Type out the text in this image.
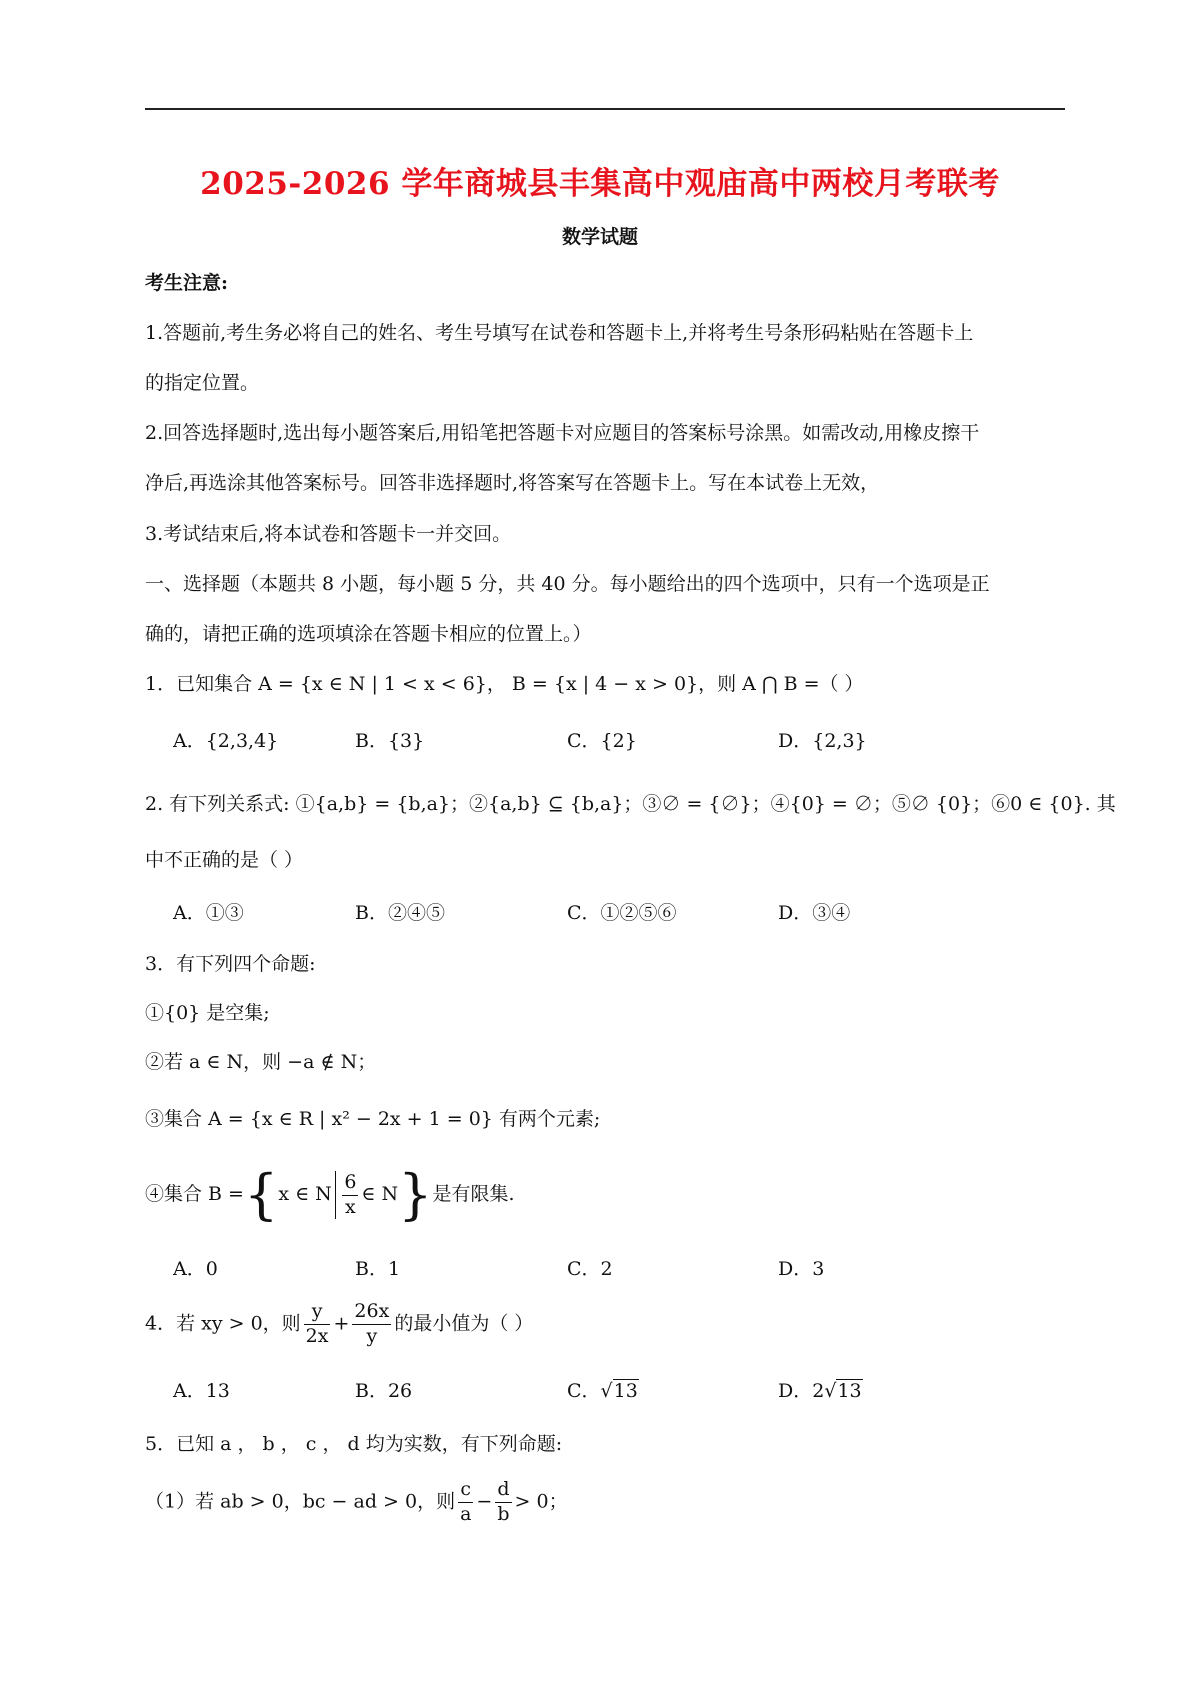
2025-2026 学年商城县丰集高中观庙高中两校月考联考
数学试题
考生注意:
1.答题前,考生务必将自己的姓名、考生号填写在试卷和答题卡上,并将考生号条形码粘贴在答题卡上
的指定位置。
2.回答选择题时,选出每小题答案后,用铅笔把答题卡对应题目的答案标号涂黑。如需改动,用橡皮擦干
净后,再选涂其他答案标号。回答非选择题时,将答案写在答题卡上。写在本试卷上无效，
3.考试结束后,将本试卷和答题卡一并交回。
一、选择题（本题共 8 小题，每小题 5 分，共 40 分。每小题给出的四个选项中，只有一个选项是正
确的，请把正确的选项填涂在答题卡相应的位置上。）
1．已知集合 A = {x ∈ N | 1 < x < 6}， B = {x | 4 − x > 0}，则 A ⋂ B =（ ）
A．{2,3,4}	B．{3}	C．{2}	D．{2,3}
2. 有下列关系式: ①{a,b} = {b,a}；②{a,b} ⊆ {b,a}；③∅ = {∅}；④{0} = ∅；⑤∅ {0}；⑥0 ∈ {0}. 其
中不正确的是（ ）
A．①③	B．②④⑤	C．①②⑤⑥	D．③④
3．有下列四个命题:
①{0} 是空集;
②若 a ∈ N，则 −a ∉ N；
③集合 A = {x ∈ R | x² − 2x + 1 = 0} 有两个元素;
④集合 B ={x ∈ N $\frac{6}{x}$ ∈ N}是有限集.
A．0	B．1	C．2	D．3
4．若 xy > 0，则 $\frac{y}{2x} + \frac{26x}{y}$ 的最小值为（ ）
A．13	B．26	C．√13	D．2√13
5．已知 a ， b ， c ， d 均为实数，有下列命题:
（1）若 ab > 0，bc − ad > 0，则 $\frac{c}{a} - \frac{d}{b} > 0$；
